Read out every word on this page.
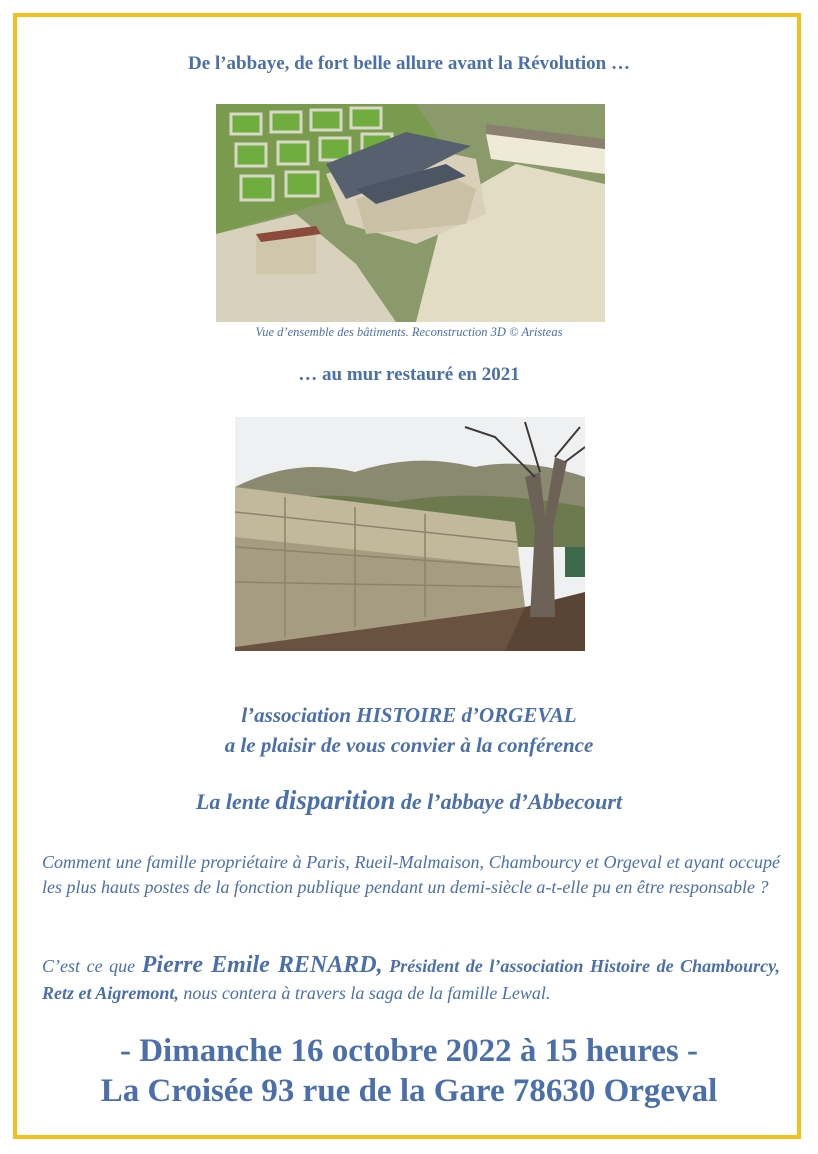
De l’abbaye, de fort belle allure avant la Révolution …
Vue d’ensemble des bâtiments. Reconstruction 3D © Aristeas
… au mur restauré en 2021
l’association HISTOIRE d’ORGEVAL
a le plaisir de vous convier à la conférence
La lente disparition de l’abbaye d’Abbecourt
Comment une famille propriétaire à Paris, Rueil-Malmaison, Chambourcy et Orgeval et ayant occupé les plus hauts postes de la fonction publique pendant un demi-siècle a-t-elle pu en être responsable ?
C’est ce que Pierre Emile RENARD, Président de l’association Histoire de Chambourcy, Retz et Aigremont, nous contera à travers la saga de la famille Lewal.
- Dimanche 16 octobre 2022 à 15 heures -
La Croisée 93 rue de la Gare 78630 Orgeval
